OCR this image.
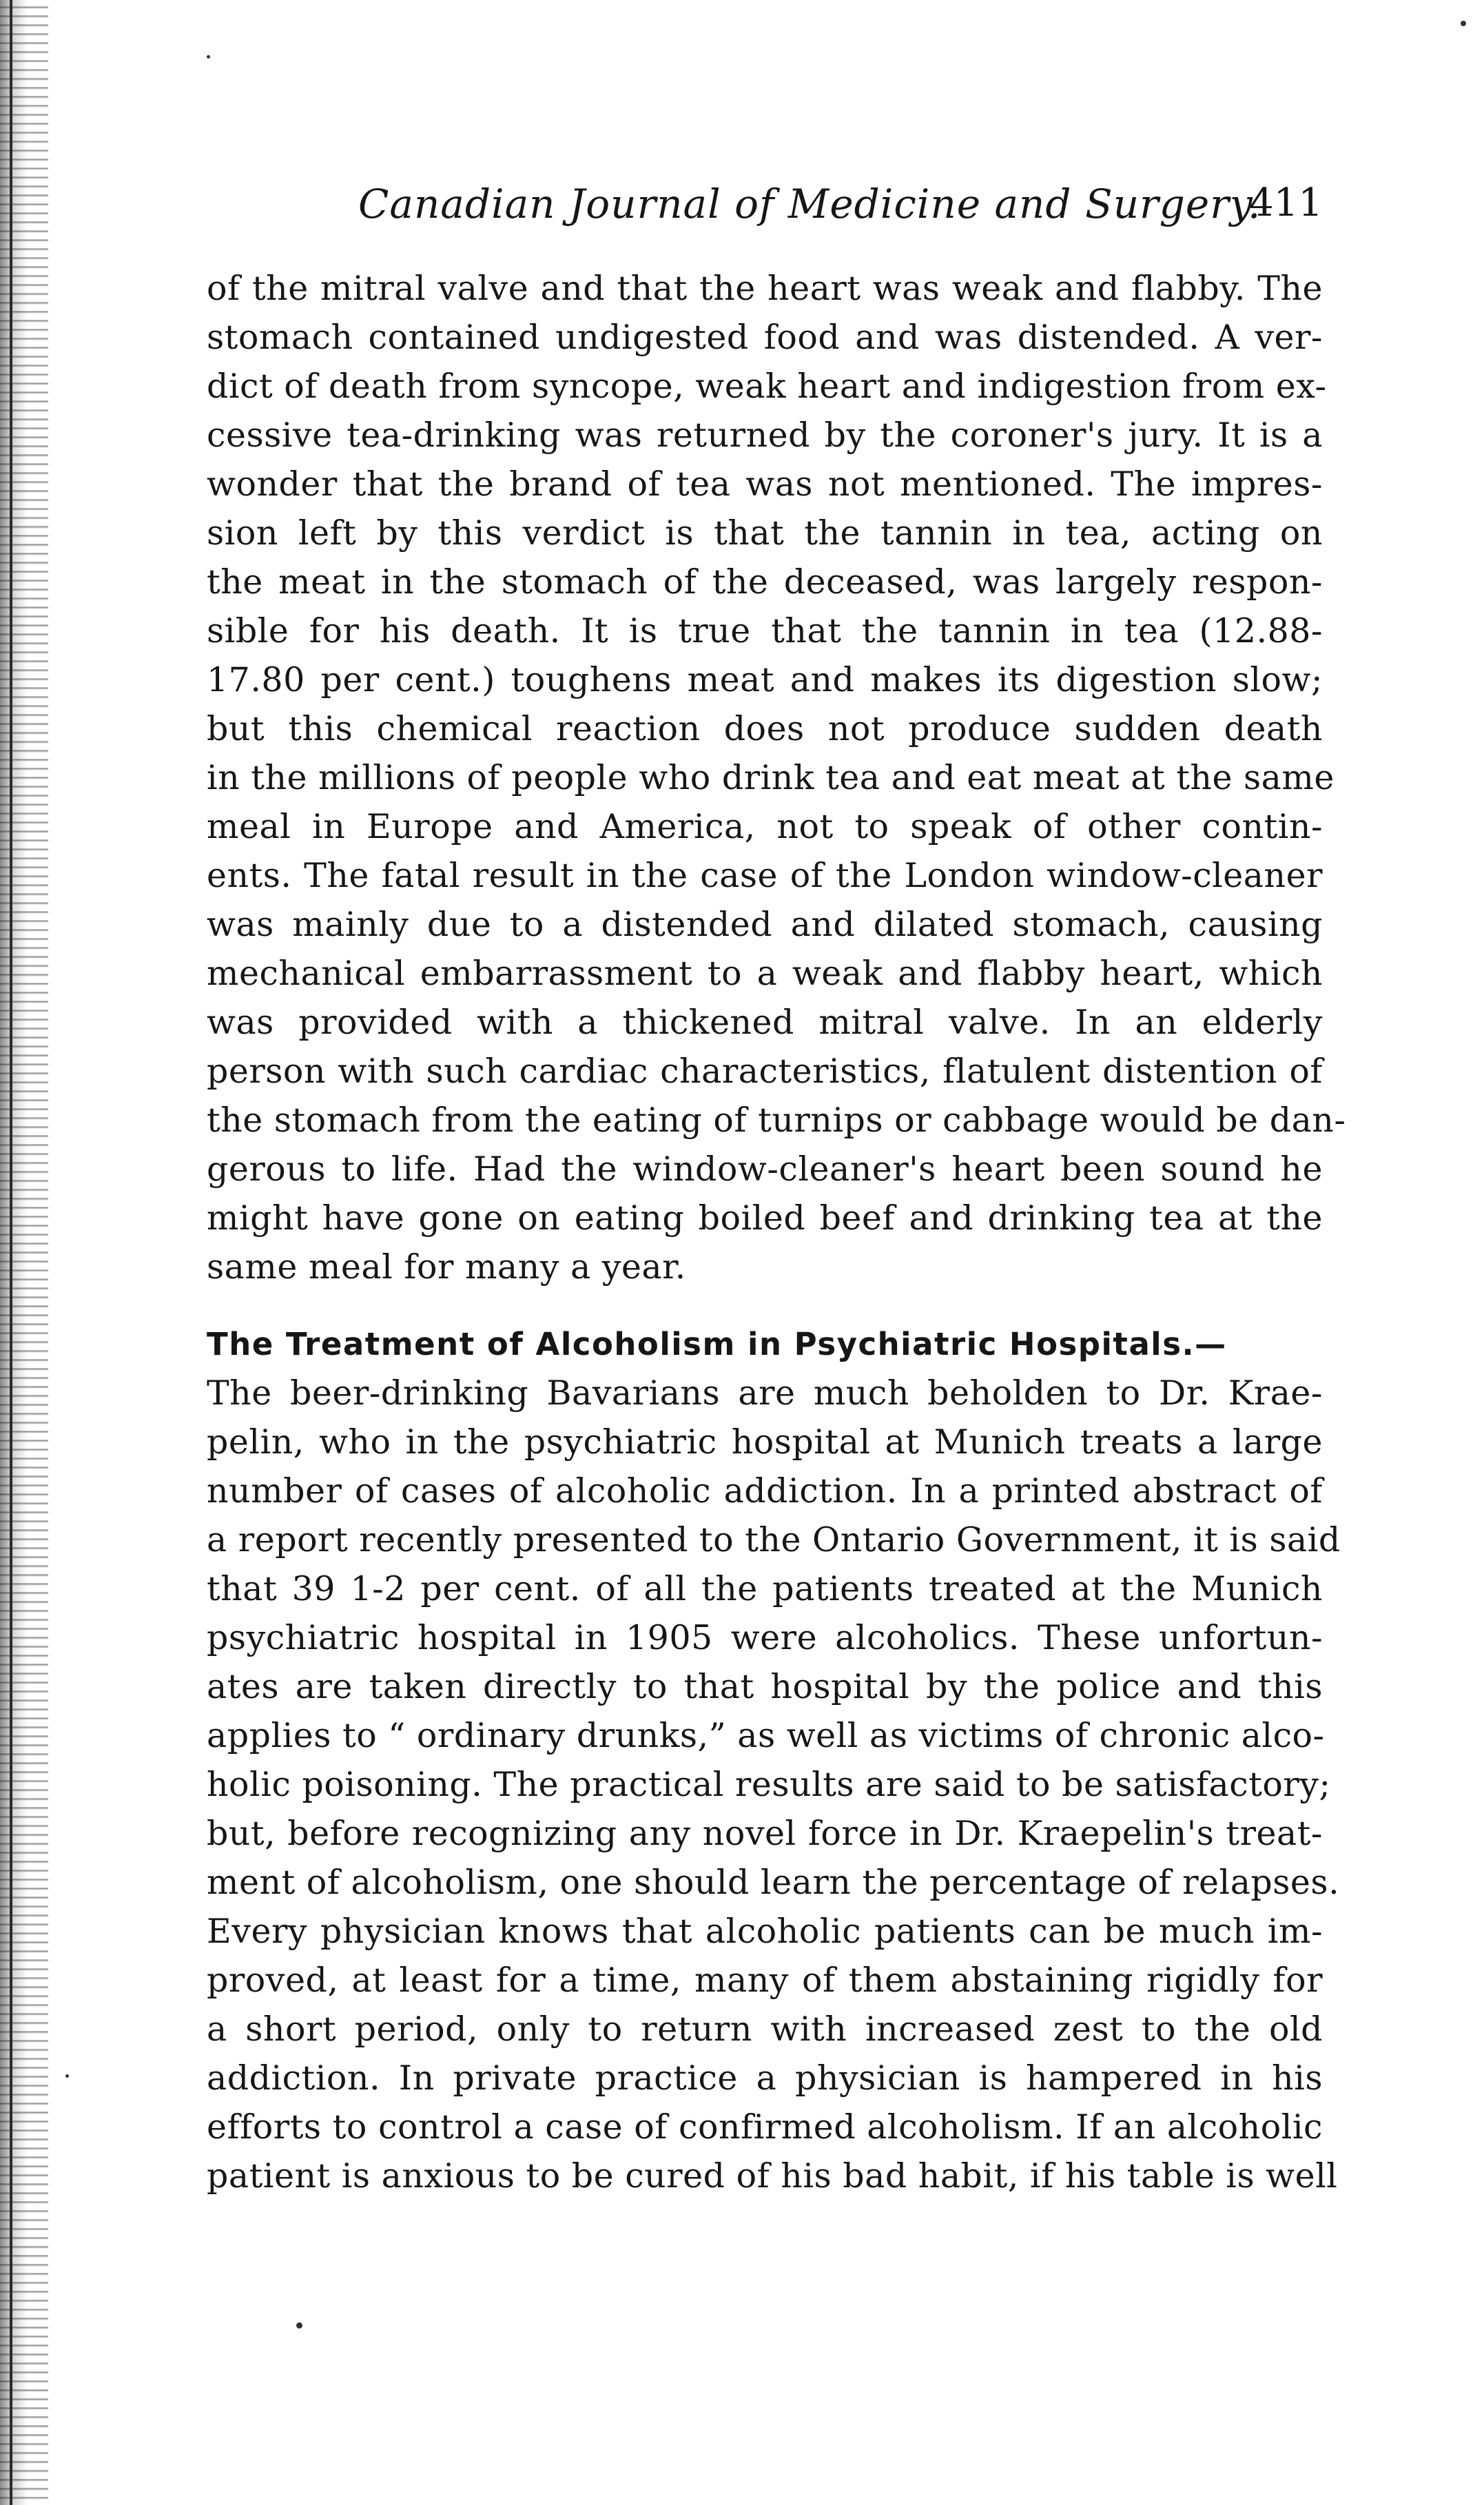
Canadian Journal of Medicine and Surgery.
411
of the mitral valve and that the heart was weak and flabby. The
stomach contained undigested food and was distended. A ver-
dict of death from syncope, weak heart and indigestion from ex-
cessive tea-drinking was returned by the coroner's jury. It is a
wonder that the brand of tea was not mentioned. The impres-
sion left by this verdict is that the tannin in tea, acting on
the meat in the stomach of the deceased, was largely respon-
sible for his death. It is true that the tannin in tea (12.88-
17.80 per cent.) toughens meat and makes its digestion slow;
but this chemical reaction does not produce sudden death
in the millions of people who drink tea and eat meat at the same
meal in Europe and America, not to speak of other contin-
ents. The fatal result in the case of the London window-cleaner
was mainly due to a distended and dilated stomach, causing
mechanical embarrassment to a weak and flabby heart, which
was provided with a thickened mitral valve. In an elderly
person with such cardiac characteristics, flatulent distention of
the stomach from the eating of turnips or cabbage would be dan-
gerous to life. Had the window-cleaner's heart been sound he
might have gone on eating boiled beef and drinking tea at the
same meal for many a year.
The Treatment of Alcoholism in Psychiatric Hospitals.—
The beer-drinking Bavarians are much beholden to Dr. Krae-
pelin, who in the psychiatric hospital at Munich treats a large
number of cases of alcoholic addiction. In a printed abstract of
a report recently presented to the Ontario Government, it is said
that 39 1-2 per cent. of all the patients treated at the Munich
psychiatric hospital in 1905 were alcoholics. These unfortun-
ates are taken directly to that hospital by the police and this
applies to “ ordinary drunks,” as well as victims of chronic alco-
holic poisoning. The practical results are said to be satisfactory;
but, before recognizing any novel force in Dr. Kraepelin's treat-
ment of alcoholism, one should learn the percentage of relapses.
Every physician knows that alcoholic patients can be much im-
proved, at least for a time, many of them abstaining rigidly for
a short period, only to return with increased zest to the old
addiction. In private practice a physician is hampered in his
efforts to control a case of confirmed alcoholism. If an alcoholic
patient is anxious to be cured of his bad habit, if his table is well
